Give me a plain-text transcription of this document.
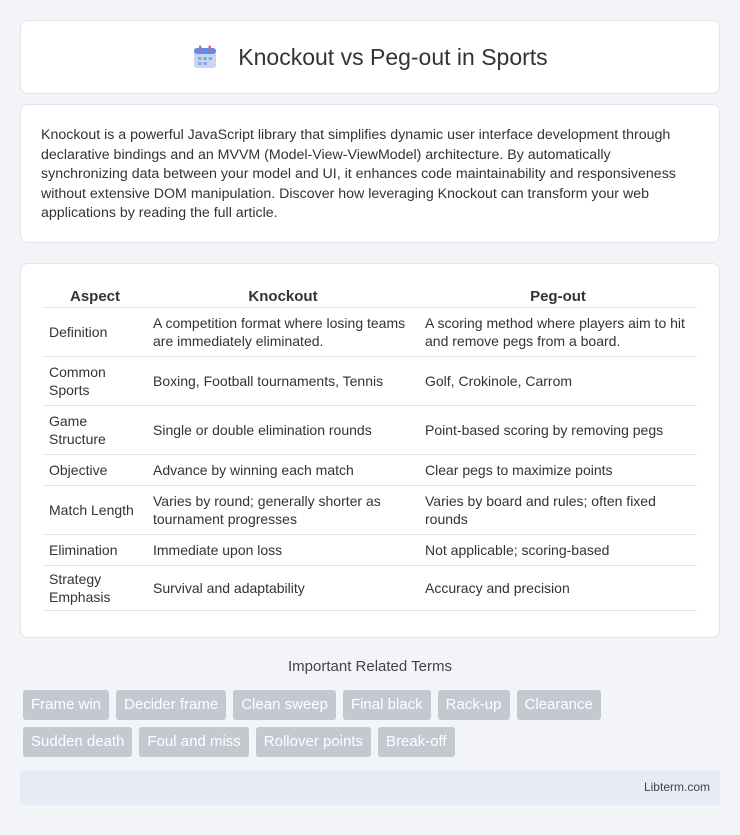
Knockout vs Peg-out in Sports

Knockout is a powerful JavaScript library that simplifies dynamic user interface development through declarative bindings and an MVVM (Model-View-ViewModel) architecture. By automatically synchronizing data between your model and UI, it enhances code maintainability and responsiveness without extensive DOM manipulation. Discover how leveraging Knockout can transform your web applications by reading the full article.

Aspect	Knockout	Peg-out
Definition	A competition format where losing teams are immediately eliminated.	A scoring method where players aim to hit and remove pegs from a board.
Common Sports	Boxing, Football tournaments, Tennis	Golf, Crokinole, Carrom
Game Structure	Single or double elimination rounds	Point-based scoring by removing pegs
Objective	Advance by winning each match	Clear pegs to maximize points
Match Length	Varies by round; generally shorter as tournament progresses	Varies by board and rules; often fixed rounds
Elimination	Immediate upon loss	Not applicable; scoring-based
Strategy Emphasis	Survival and adaptability	Accuracy and precision
Important Related Terms
Frame win	Decider frame	Clean sweep	Final black	Rack-up	Clearance
Sudden death	Foul and miss	Rollover points	Break-off
Libterm.com
